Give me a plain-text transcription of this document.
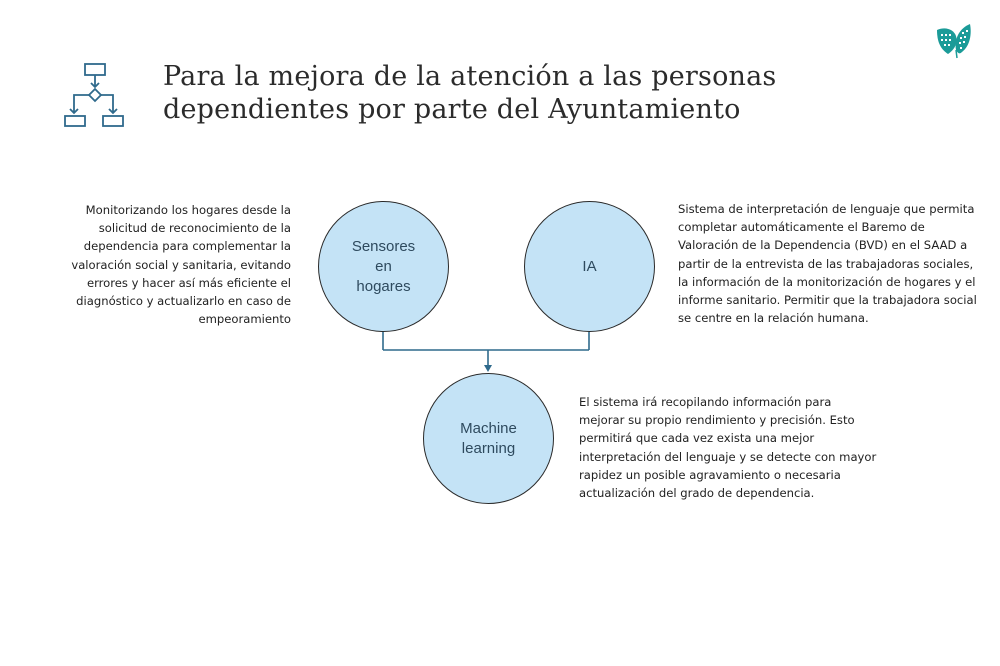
Para la mejora de la atención a las personas
dependientes por parte del Ayuntamiento
Sensores
en
hogares
IA
Machine
learning
Monitorizando los hogares desde la solicitud de reconocimiento de la dependencia para complementar la valoración social y sanitaria, evitando errores y hacer así más eficiente el diagnóstico y actualizarlo en caso de empeoramiento
Sistema de interpretación de lenguaje que permita completar automáticamente el Baremo de Valoración de la Dependencia (BVD) en el SAAD a partir de la entrevista de las trabajadoras sociales, la información de la monitorización de hogares y el informe sanitario. Permitir que la trabajadora social se centre en la relación humana.
El sistema irá recopilando información para mejorar su propio rendimiento y precisión. Esto permitirá que cada vez exista una mejor interpretación del lenguaje y se detecte con mayor rapidez un posible agravamiento o necesaria actualización del grado de dependencia.
